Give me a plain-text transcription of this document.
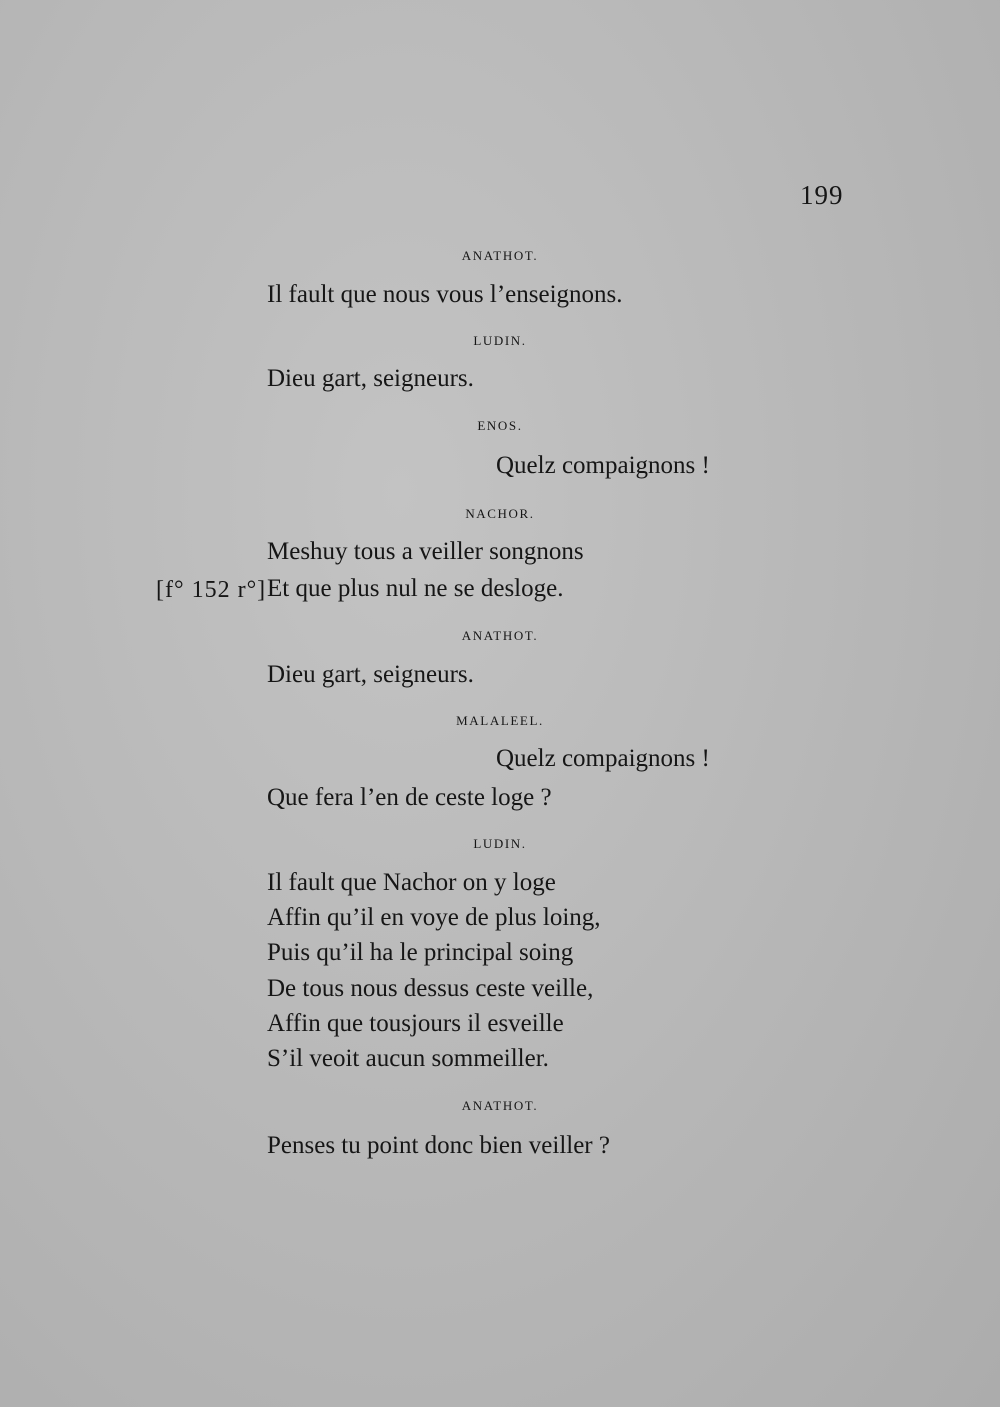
199
ANATHOT.
Il fault que nous vous l’enseignons.
LUDIN.
Dieu gart, seigneurs.
ENOS.
Quelz compaignons !
NACHOR.
Meshuy tous a veiller songnons
[f° 152 r°] Et que plus nul ne se desloge.
ANATHOT.
Dieu gart, seigneurs.
MALALEEL.
Quelz compaignons !
Que fera l’en de ceste loge ?
LUDIN.
Il fault que Nachor on y loge
Affin qu’il en voye de plus loing,
Puis qu’il ha le principal soing
De tous nous dessus ceste veille,
Affin que tousjours il esveille
S’il veoit aucun sommeiller.
ANATHOT.
Penses tu point donc bien veiller ?
